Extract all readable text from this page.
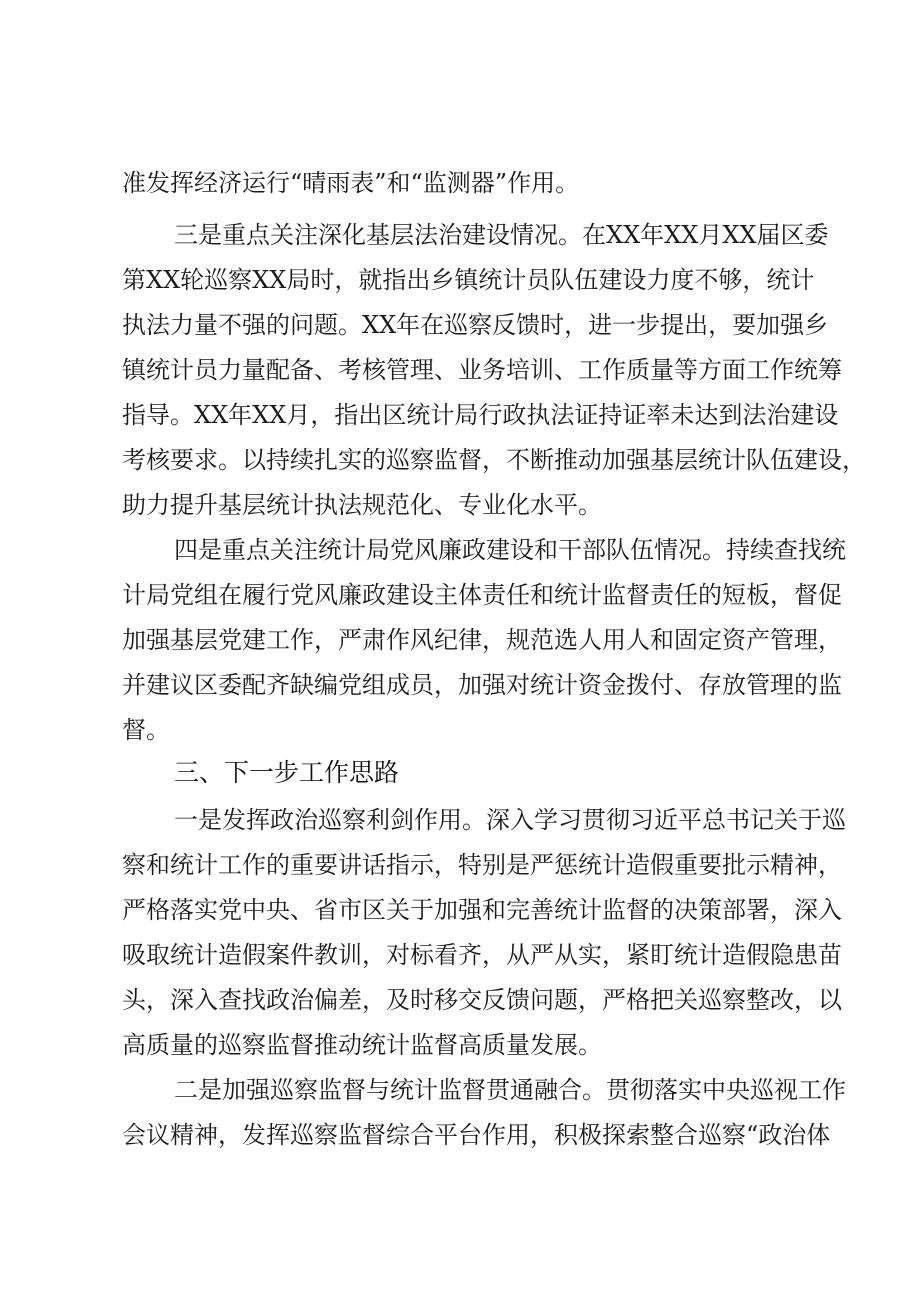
准发挥经济运行“晴雨表”和“监测器”作用。
三是重点关注深化基层法治建设情况。在XX年XX月XX届区委
第XX轮巡察XX局时，就指出乡镇统计员队伍建设力度不够，统计
执法力量不强的问题。XX年在巡察反馈时，进一步提出，要加强乡
镇统计员力量配备、考核管理、业务培训、工作质量等方面工作统筹
指导。XX年XX月，指出区统计局行政执法证持证率未达到法治建设
考核要求。以持续扎实的巡察监督，不断推动加强基层统计队伍建设，
助力提升基层统计执法规范化、专业化水平。
四是重点关注统计局党风廉政建设和干部队伍情况。持续查找统
计局党组在履行党风廉政建设主体责任和统计监督责任的短板，督促
加强基层党建工作，严肃作风纪律，规范选人用人和固定资产管理，
并建议区委配齐缺编党组成员，加强对统计资金拨付、存放管理的监
督。
三、下一步工作思路
一是发挥政治巡察利剑作用。深入学习贯彻习近平总书记关于巡
察和统计工作的重要讲话指示，特别是严惩统计造假重要批示精神，
严格落实党中央、省市区关于加强和完善统计监督的决策部署，深入
吸取统计造假案件教训，对标看齐，从严从实，紧盯统计造假隐患苗
头，深入查找政治偏差，及时移交反馈问题，严格把关巡察整改，以
高质量的巡察监督推动统计监督高质量发展。
二是加强巡察监督与统计监督贯通融合。贯彻落实中央巡视工作
会议精神，发挥巡察监督综合平台作用，积极探索整合巡察“政治体
